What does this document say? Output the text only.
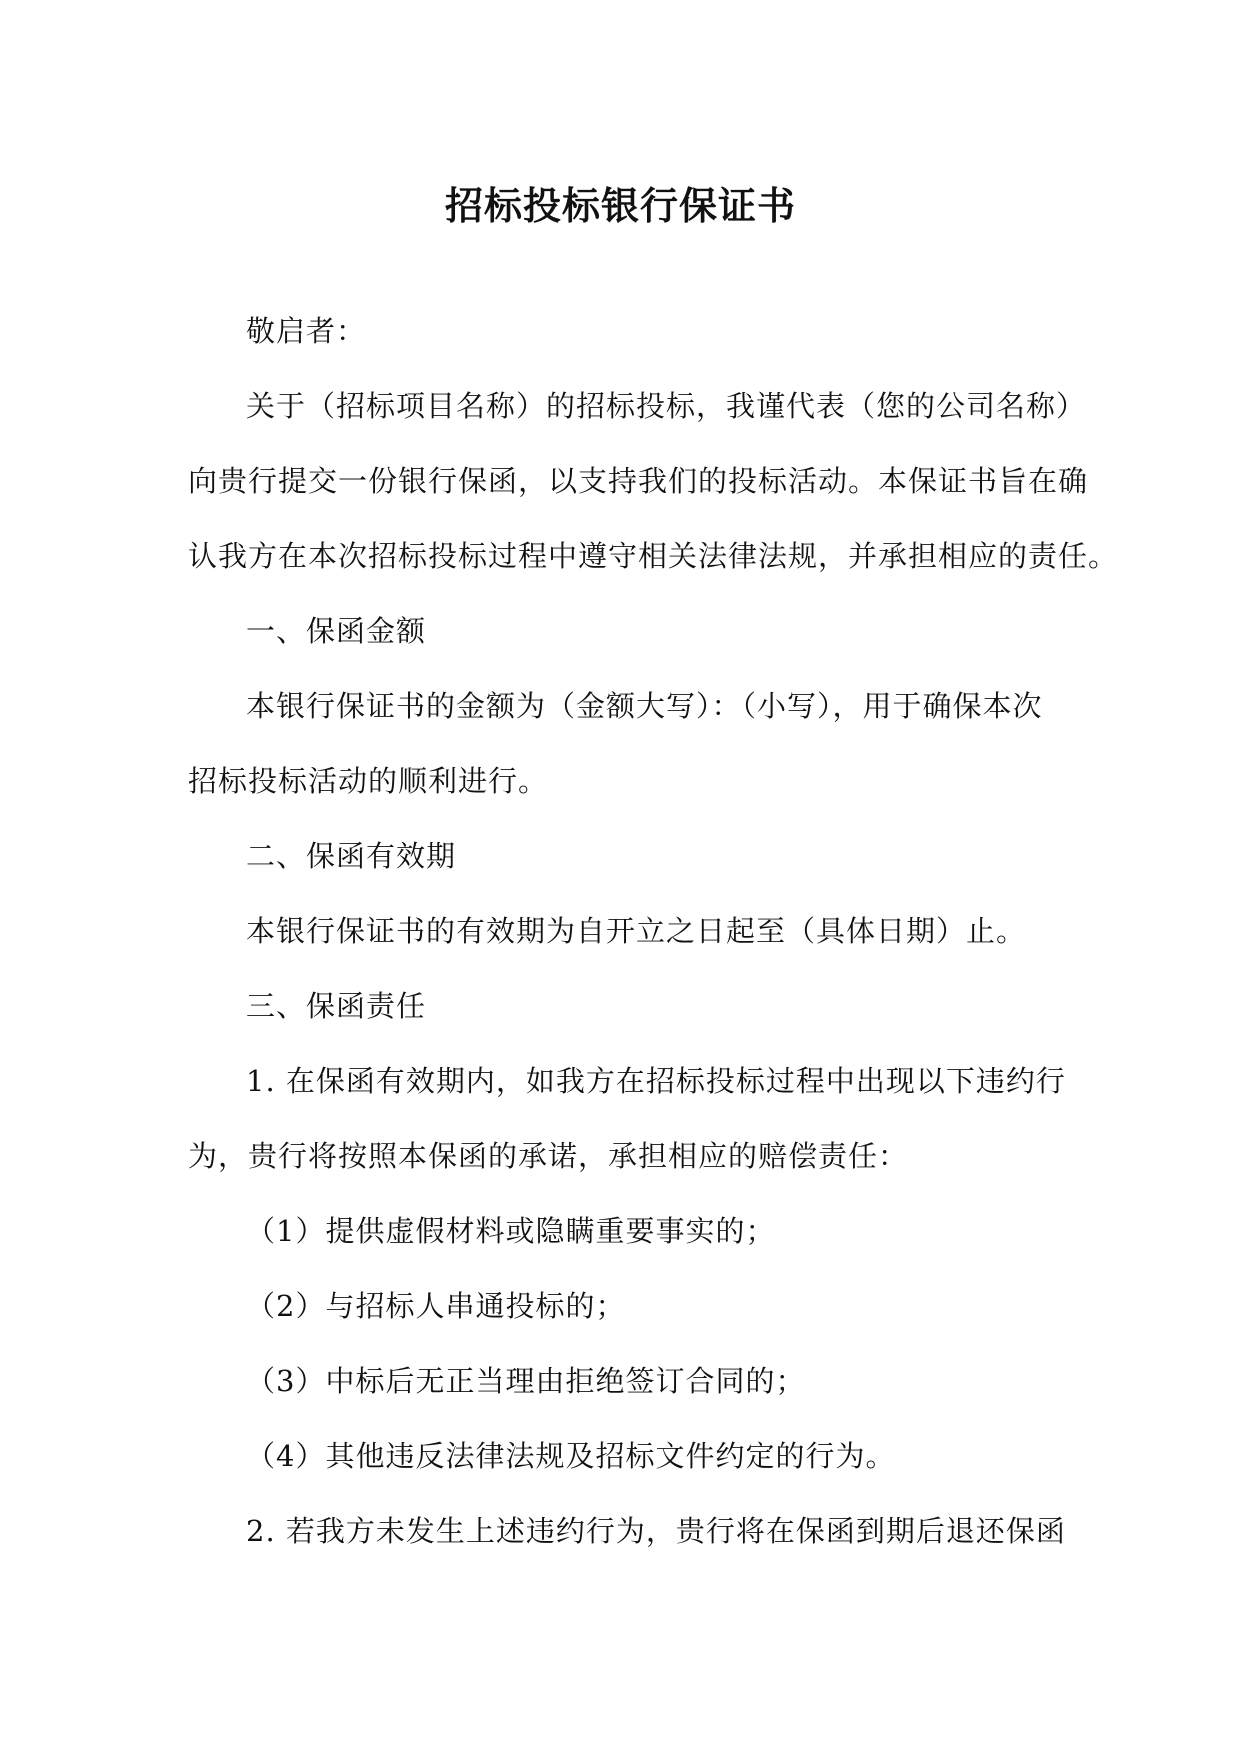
招标投标银行保证书
敬启者：
关于（招标项目名称）的招标投标，我谨代表（您的公司名称）
向贵行提交一份银行保函，以支持我们的投标活动。本保证书旨在确
认我方在本次招标投标过程中遵守相关法律法规，并承担相应的责任。
一、保函金额
本银行保证书的金额为（金额大写）：（小写），用于确保本次
招标投标活动的顺利进行。
二、保函有效期
本银行保证书的有效期为自开立之日起至（具体日期）止。
三、保函责任
1. 在保函有效期内，如我方在招标投标过程中出现以下违约行
为，贵行将按照本保函的承诺，承担相应的赔偿责任：
（1）提供虚假材料或隐瞒重要事实的；
（2）与招标人串通投标的；
（3）中标后无正当理由拒绝签订合同的；
（4）其他违反法律法规及招标文件约定的行为。
2. 若我方未发生上述违约行为，贵行将在保函到期后退还保函
